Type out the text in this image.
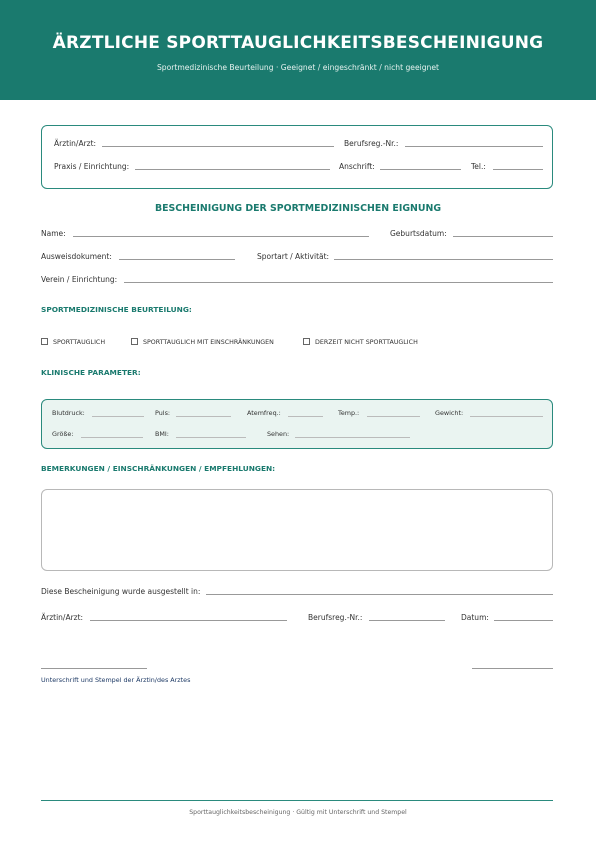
ÄRZTLICHE SPORTTAUGLICHKEITSBESCHEINIGUNG
Sportmedizinische Beurteilung · Geeignet / eingeschränkt / nicht geeignet
Ärztin/Arzt:	Berufsreg.-Nr.:
Praxis / Einrichtung:	Anschrift:	Tel.:
BESCHEINIGUNG DER SPORTMEDIZINISCHEN EIGNUNG
Name:	Geburtsdatum:
Ausweisdokument:	Sportart / Aktivität:
Verein / Einrichtung:
SPORTMEDIZINISCHE BEURTEILUNG:
SPORTTAUGLICH	SPORTTAUGLICH MIT EINSCHRÄNKUNGEN	DERZEIT NICHT SPORTTAUGLICH
KLINISCHE PARAMETER:
Blutdruck:	Puls:	Atemfreq.:	Temp.:	Gewicht:
Größe:	BMI:	Sehen:
BEMERKUNGEN / EINSCHRÄNKUNGEN / EMPFEHLUNGEN:
Diese Bescheinigung wurde ausgestellt in:
Ärztin/Arzt:	Berufsreg.-Nr.:	Datum:
Unterschrift und Stempel der Ärztin/des Arztes
Sporttauglichkeitsbescheinigung · Gültig mit Unterschrift und Stempel
